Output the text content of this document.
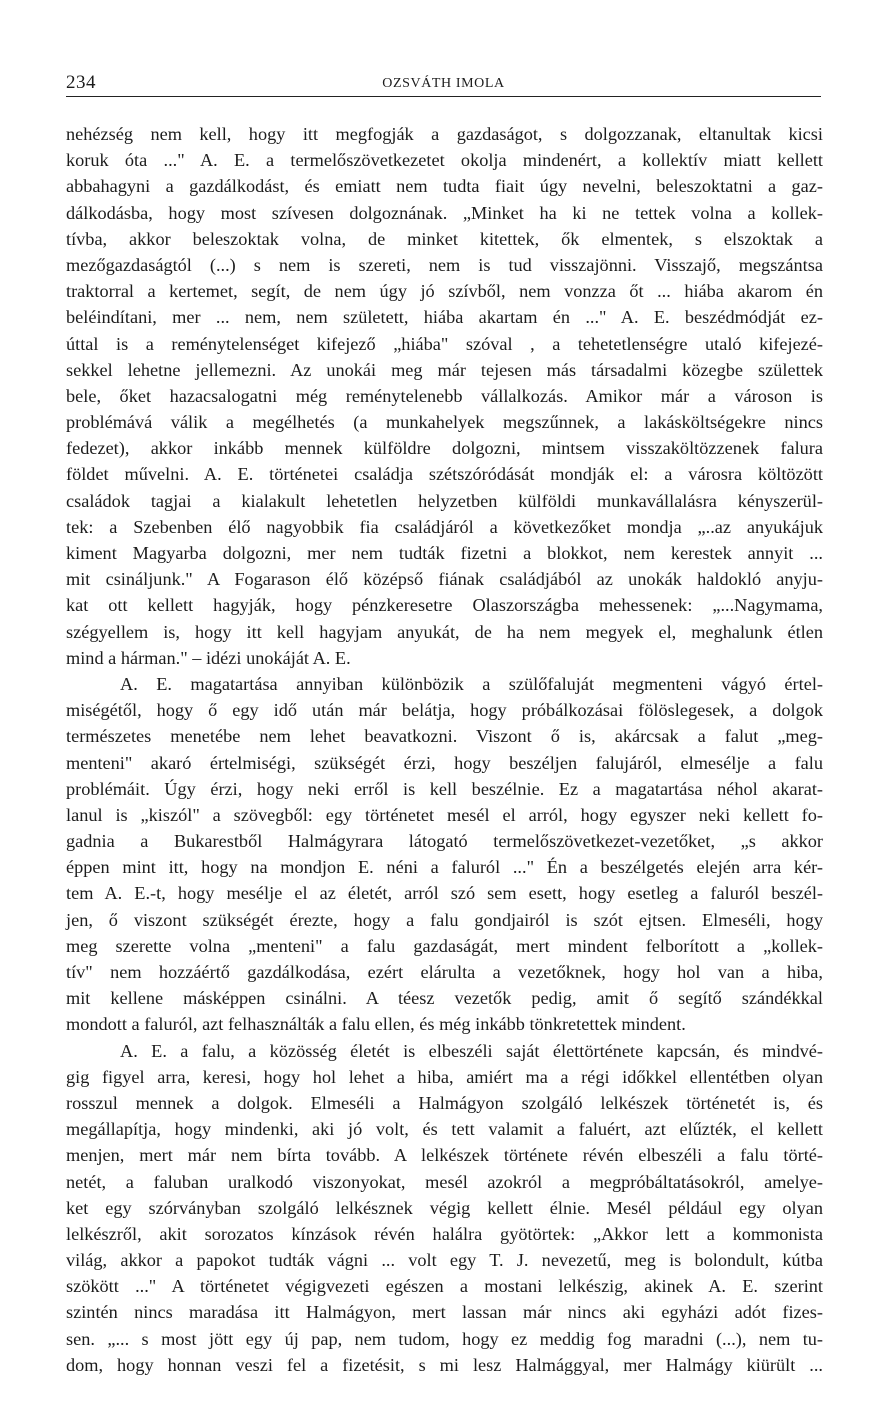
234	OZSVÁTH IMOLA
nehézség nem kell, hogy itt megfogják a gazdaságot, s dolgozzanak, eltanultak kicsi
koruk óta ..." A. E. a termelőszövetkezetet okolja mindenért, a kollektív miatt kellett
abbahagyni a gazdálkodást, és emiatt nem tudta fiait úgy nevelni, beleszoktatni a gaz-
dálkodásba, hogy most szívesen dolgoznának. „Minket ha ki ne tettek volna a kollek-
tívba, akkor beleszoktak volna, de minket kitettek, ők elmentek, s elszoktak a
mezőgazdaságtól (...) s nem is szereti, nem is tud visszajönni. Visszajő, megszántsa
traktorral a kertemet, segít, de nem úgy jó szívből, nem vonzza őt ... hiába akarom én
beléindítani, mer ... nem, nem született, hiába akartam én ..." A. E. beszédmódját ez-
úttal is a reménytelenséget kifejező „hiába" szóval , a tehetetlenségre utaló kifejezé-
sekkel lehetne jellemezni. Az unokái meg már tejesen más társadalmi közegbe születtek
bele, őket hazacsalogatni még reménytelenebb vállalkozás. Amikor már a városon is
problémává válik a megélhetés (a munkahelyek megszűnnek, a lakásköltségekre nincs
fedezet), akkor inkább mennek külföldre dolgozni, mintsem visszaköltözzenek falura
földet művelni. A. E. történetei családja szétszóródását mondják el: a városra költözött
családok tagjai a kialakult lehetetlen helyzetben külföldi munkavállalásra kényszerül-
tek: a Szebenben élő nagyobbik fia családjáról a következőket mondja „..az anyukájuk
kiment Magyarba dolgozni, mer nem tudták fizetni a blokkot, nem kerestek annyit ...
mit csináljunk." A Fogarason élő középső fiának családjából az unokák haldokló anyju-
kat ott kellett hagyják, hogy pénzkeresetre Olaszországba mehessenek: „...Nagymama,
szégyellem is, hogy itt kell hagyjam anyukát, de ha nem megyek el, meghalunk étlen
mind a hárman." – idézi unokáját A. E.
A. E. magatartása annyiban különbözik a szülőfaluját megmenteni vágyó értel-
miségétől, hogy ő egy idő után már belátja, hogy próbálkozásai fölöslegesek, a dolgok
természetes menetébe nem lehet beavatkozni. Viszont ő is, akárcsak a falut „meg-
menteni" akaró értelmiségi, szükségét érzi, hogy beszéljen falujáról, elmesélje a falu
problémáit. Úgy érzi, hogy neki erről is kell beszélnie. Ez a magatartása néhol akarat-
lanul is „kiszól" a szövegből: egy történetet mesél el arról, hogy egyszer neki kellett fo-
gadnia a Bukarestből Halmágyrara látogató termelőszövetkezet-vezetőket, „s akkor
éppen mint itt, hogy na mondjon E. néni a faluról ..." Én a beszélgetés elején arra kér-
tem A. E.-t, hogy mesélje el az életét, arról szó sem esett, hogy esetleg a faluról beszél-
jen, ő viszont szükségét érezte, hogy a falu gondjairól is szót ejtsen. Elmeséli, hogy
meg szerette volna „menteni" a falu gazdaságát, mert mindent felborított a „kollek-
tív" nem hozzáértő gazdálkodása, ezért elárulta a vezetőknek, hogy hol van a hiba,
mit kellene másképpen csinálni. A téesz vezetők pedig, amit ő segítő szándékkal
mondott a faluról, azt felhasználták a falu ellen, és még inkább tönkretettek mindent.
A. E. a falu, a közösség életét is elbeszéli saját élettörténete kapcsán, és mindvé-
gig figyel arra, keresi, hogy hol lehet a hiba, amiért ma a régi időkkel ellentétben olyan
rosszul mennek a dolgok. Elmeséli a Halmágyon szolgáló lelkészek történetét is, és
megállapítja, hogy mindenki, aki jó volt, és tett valamit a faluért, azt elűzték, el kellett
menjen, mert már nem bírta tovább. A lelkészek története révén elbeszéli a falu törté-
netét, a faluban uralkodó viszonyokat, mesél azokról a megpróbáltatásokról, amelye-
ket egy szórványban szolgáló lelkésznek végig kellett élnie. Mesél például egy olyan
lelkészről, akit sorozatos kínzások révén halálra gyötörtek: „Akkor lett a kommonista
világ, akkor a papokot tudták vágni ... volt egy T. J. nevezetű, meg is bolondult, kútba
szökött ..." A történetet végigvezeti egészen a mostani lelkészig, akinek A. E. szerint
szintén nincs maradása itt Halmágyon, mert lassan már nincs aki egyházi adót fizes-
sen. „... s most jött egy új pap, nem tudom, hogy ez meddig fog maradni (...), nem tu-
dom, hogy honnan veszi fel a fizetésit, s mi lesz Halmággyal, mer Halmágy kiürült ...
